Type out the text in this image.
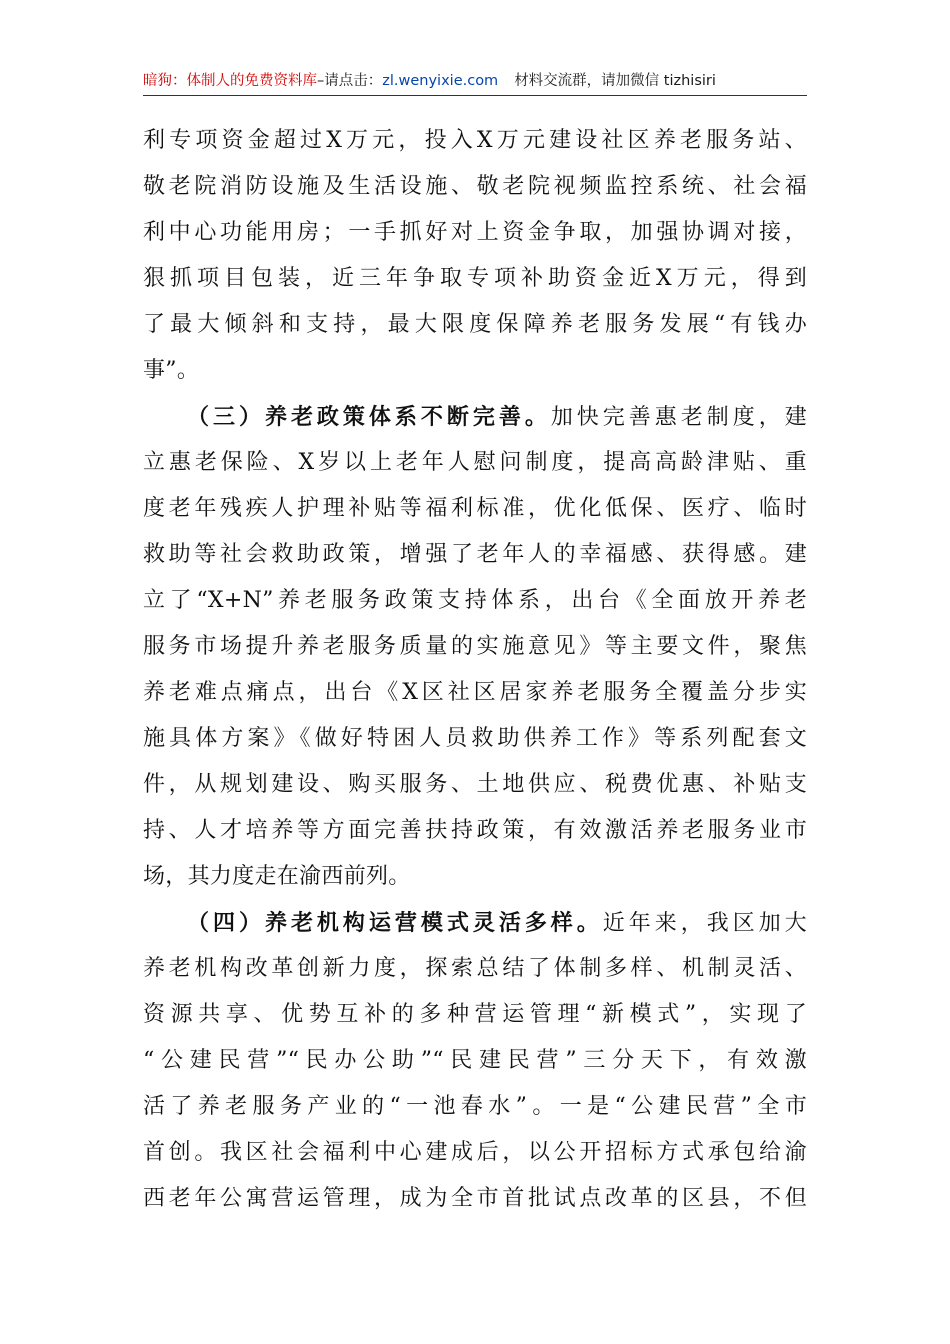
暗狗：体制人的免费资料库–请点击：zl.wenyixie.com 材料交流群，请加微信 tizhisiri
利专项资金超过X万元，投入X万元建设社区养老服务站、
敬老院消防设施及生活设施、敬老院视频监控系统、社会福
利中心功能用房；一手抓好对上资金争取，加强协调对接，
狠抓项目包装，近三年争取专项补助资金近X万元，得到
了最大倾斜和支持，最大限度保障养老服务发展“有钱办
事”。
（三）养老政策体系不断完善。加快完善惠老制度，建
立惠老保险、X岁以上老年人慰问制度，提高高龄津贴、重
度老年残疾人护理补贴等福利标准，优化低保、医疗、临时
救助等社会救助政策，增强了老年人的幸福感、获得感。建
立了“X+N”养老服务政策支持体系，出台《全面放开养老
服务市场提升养老服务质量的实施意见》等主要文件，聚焦
养老难点痛点，出台《X区社区居家养老服务全覆盖分步实
施具体方案》《做好特困人员救助供养工作》等系列配套文
件，从规划建设、购买服务、土地供应、税费优惠、补贴支
持、人才培养等方面完善扶持政策，有效激活养老服务业市
场，其力度走在渝西前列。
（四）养老机构运营模式灵活多样。近年来，我区加大
养老机构改革创新力度，探索总结了体制多样、机制灵活、
资源共享、优势互补的多种营运管理“新模式”，实现了
“公建民营”“民办公助”“民建民营”三分天下，有效激
活了养老服务产业的“一池春水”。一是“公建民营”全市
首创。我区社会福利中心建成后，以公开招标方式承包给渝
西老年公寓营运管理，成为全市首批试点改革的区县，不但
